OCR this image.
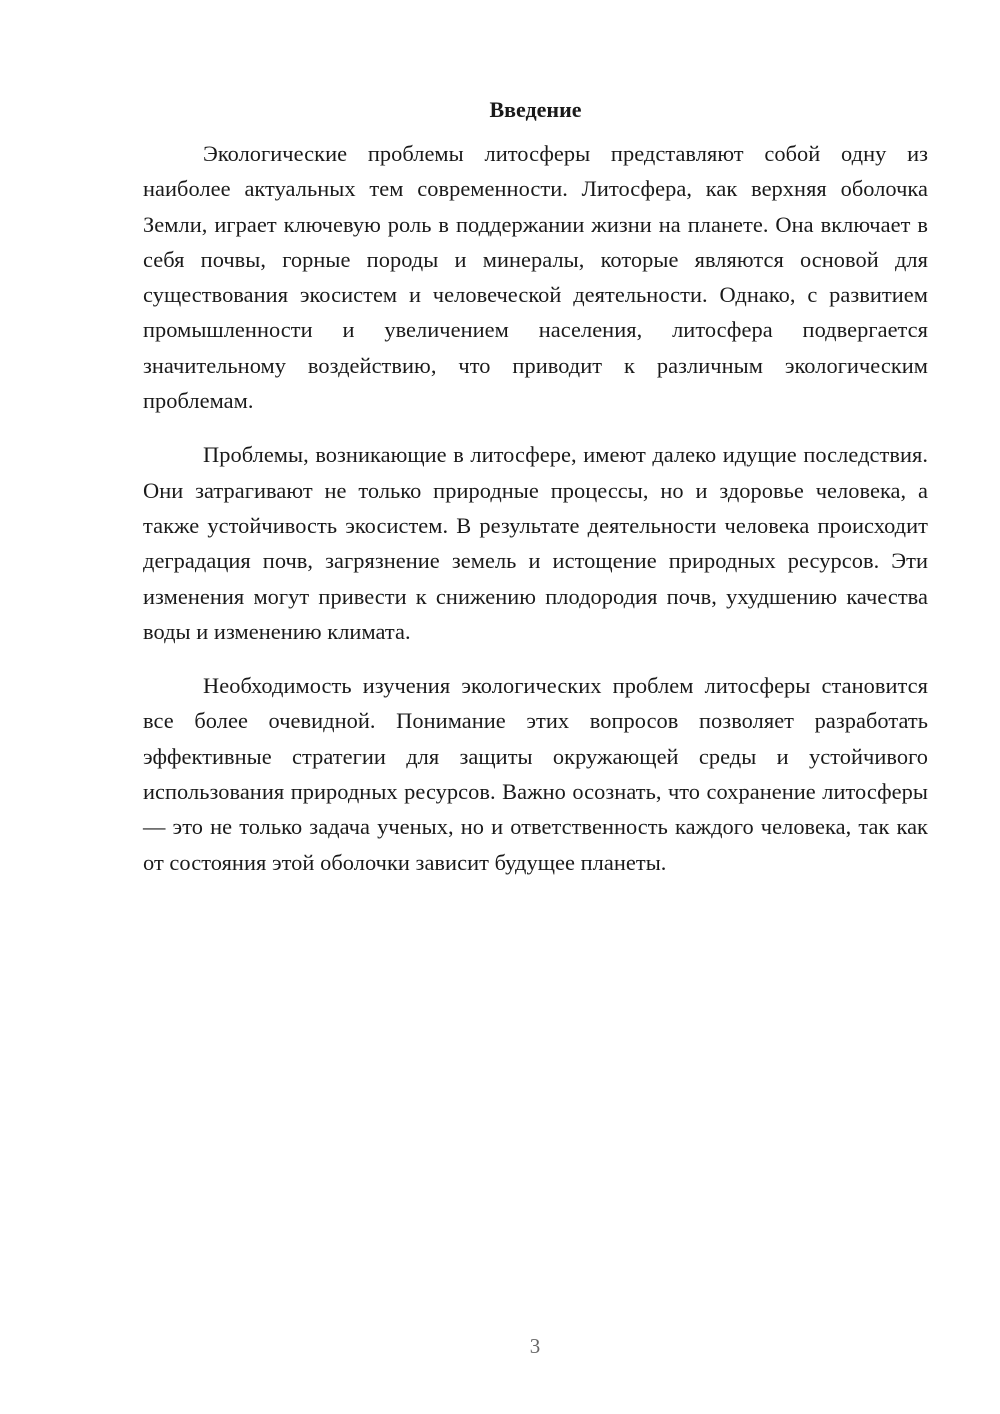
Введение

Экологические проблемы литосферы представляют собой одну из наиболее актуальных тем современности. Литосфера, как верхняя оболочка Земли, играет ключевую роль в поддержании жизни на планете. Она включает в себя почвы, горные породы и минералы, которые являются основой для существования экосистем и человеческой деятельности. Однако, с развитием промышленности и увеличением населения, литосфера подвергается значительному воздействию, что приводит к различным экологическим проблемам.

Проблемы, возникающие в литосфере, имеют далеко идущие последствия. Они затрагивают не только природные процессы, но и здоровье человека, а также устойчивость экосистем. В результате деятельности человека происходит деградация почв, загрязнение земель и истощение природных ресурсов. Эти изменения могут привести к снижению плодородия почв, ухудшению качества воды и изменению климата.

Необходимость изучения экологических проблем литосферы становится все более очевидной. Понимание этих вопросов позволяет разработать эффективные стратегии для защиты окружающей среды и устойчивого использования природных ресурсов. Важно осознать, что сохранение литосферы — это не только задача ученых, но и ответственность каждого человека, так как от состояния этой оболочки зависит будущее планеты.

3
